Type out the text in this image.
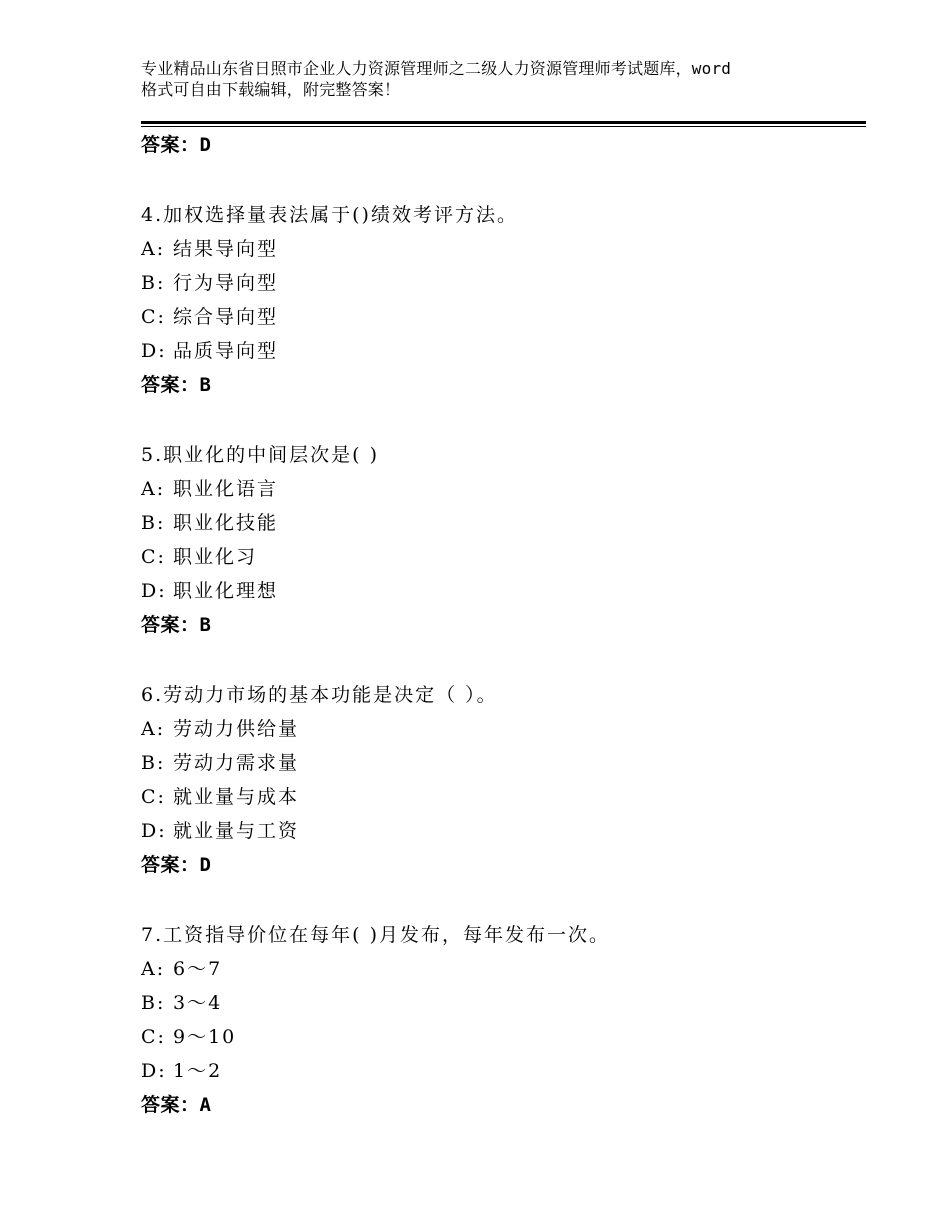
专业精品山东省日照市企业人力资源管理师之二级人力资源管理师考试题库，word
格式可自由下载编辑，附完整答案！
答案：D
4.加权选择量表法属于()绩效考评方法。
A: 结果导向型
B: 行为导向型
C: 综合导向型
D: 品质导向型
答案：B
5.职业化的中间层次是( )
A: 职业化语言
B: 职业化技能
C: 职业化习
D: 职业化理想
答案：B
6.劳动力市场的基本功能是决定（ ）。
A: 劳动力供给量
B: 劳动力需求量
C: 就业量与成本
D: 就业量与工资
答案：D
7.工资指导价位在每年( )月发布，每年发布一次。
A: 6～7
B: 3～4
C: 9～10
D: 1～2
答案：A
